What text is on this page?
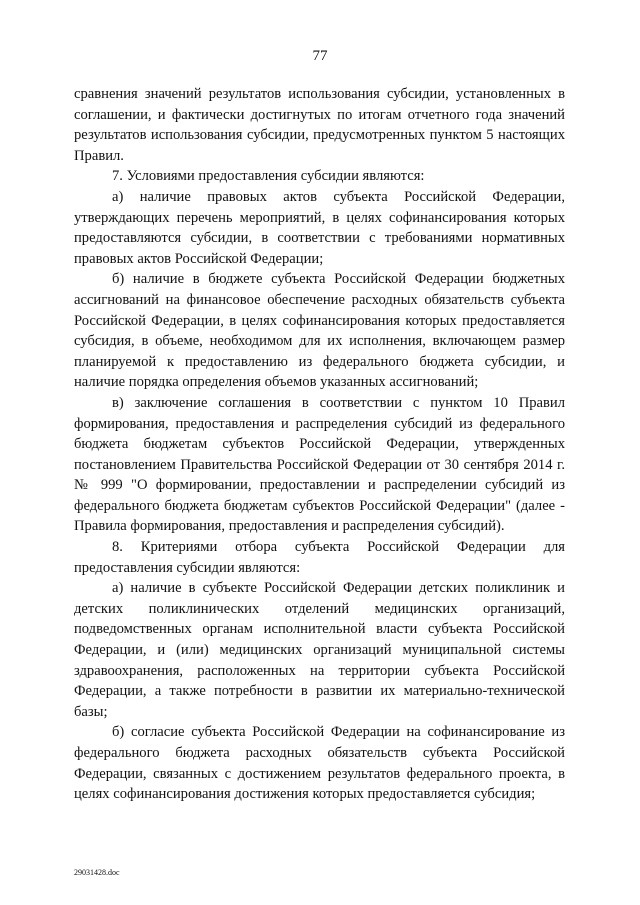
77

сравнения значений результатов использования субсидии, установленных в соглашении, и фактически достигнутых по итогам отчетного года значений результатов использования субсидии, предусмотренных пунктом 5 настоящих Правил.

7. Условиями предоставления субсидии являются:

а) наличие правовых актов субъекта Российской Федерации, утверждающих перечень мероприятий, в целях софинансирования которых предоставляются субсидии, в соответствии с требованиями нормативных правовых актов Российской Федерации;

б) наличие в бюджете субъекта Российской Федерации бюджетных ассигнований на финансовое обеспечение расходных обязательств субъекта Российской Федерации, в целях софинансирования которых предоставляется субсидия, в объеме, необходимом для их исполнения, включающем размер планируемой к предоставлению из федерального бюджета субсидии, и наличие порядка определения объемов указанных ассигнований;

в) заключение соглашения в соответствии с пунктом 10 Правил формирования, предоставления и распределения субсидий из федерального бюджета бюджетам субъектов Российской Федерации, утвержденных постановлением Правительства Российской Федерации от 30 сентября 2014 г. № 999 "О формировании, предоставлении и распределении субсидий из федерального бюджета бюджетам субъектов Российской Федерации" (далее - Правила формирования, предоставления и распределения субсидий).

8. Критериями отбора субъекта Российской Федерации для предоставления субсидии являются:

а) наличие в субъекте Российской Федерации детских поликлиник и детских поликлинических отделений медицинских организаций, подведомственных органам исполнительной власти субъекта Российской Федерации, и (или) медицинских организаций муниципальной системы здравоохранения, расположенных на территории субъекта Российской Федерации, а также потребности в развитии их материально-технической базы;

б) согласие субъекта Российской Федерации на софинансирование из федерального бюджета расходных обязательств субъекта Российской Федерации, связанных с достижением результатов федерального проекта, в целях софинансирования достижения которых предоставляется субсидия;

29031428.doc
